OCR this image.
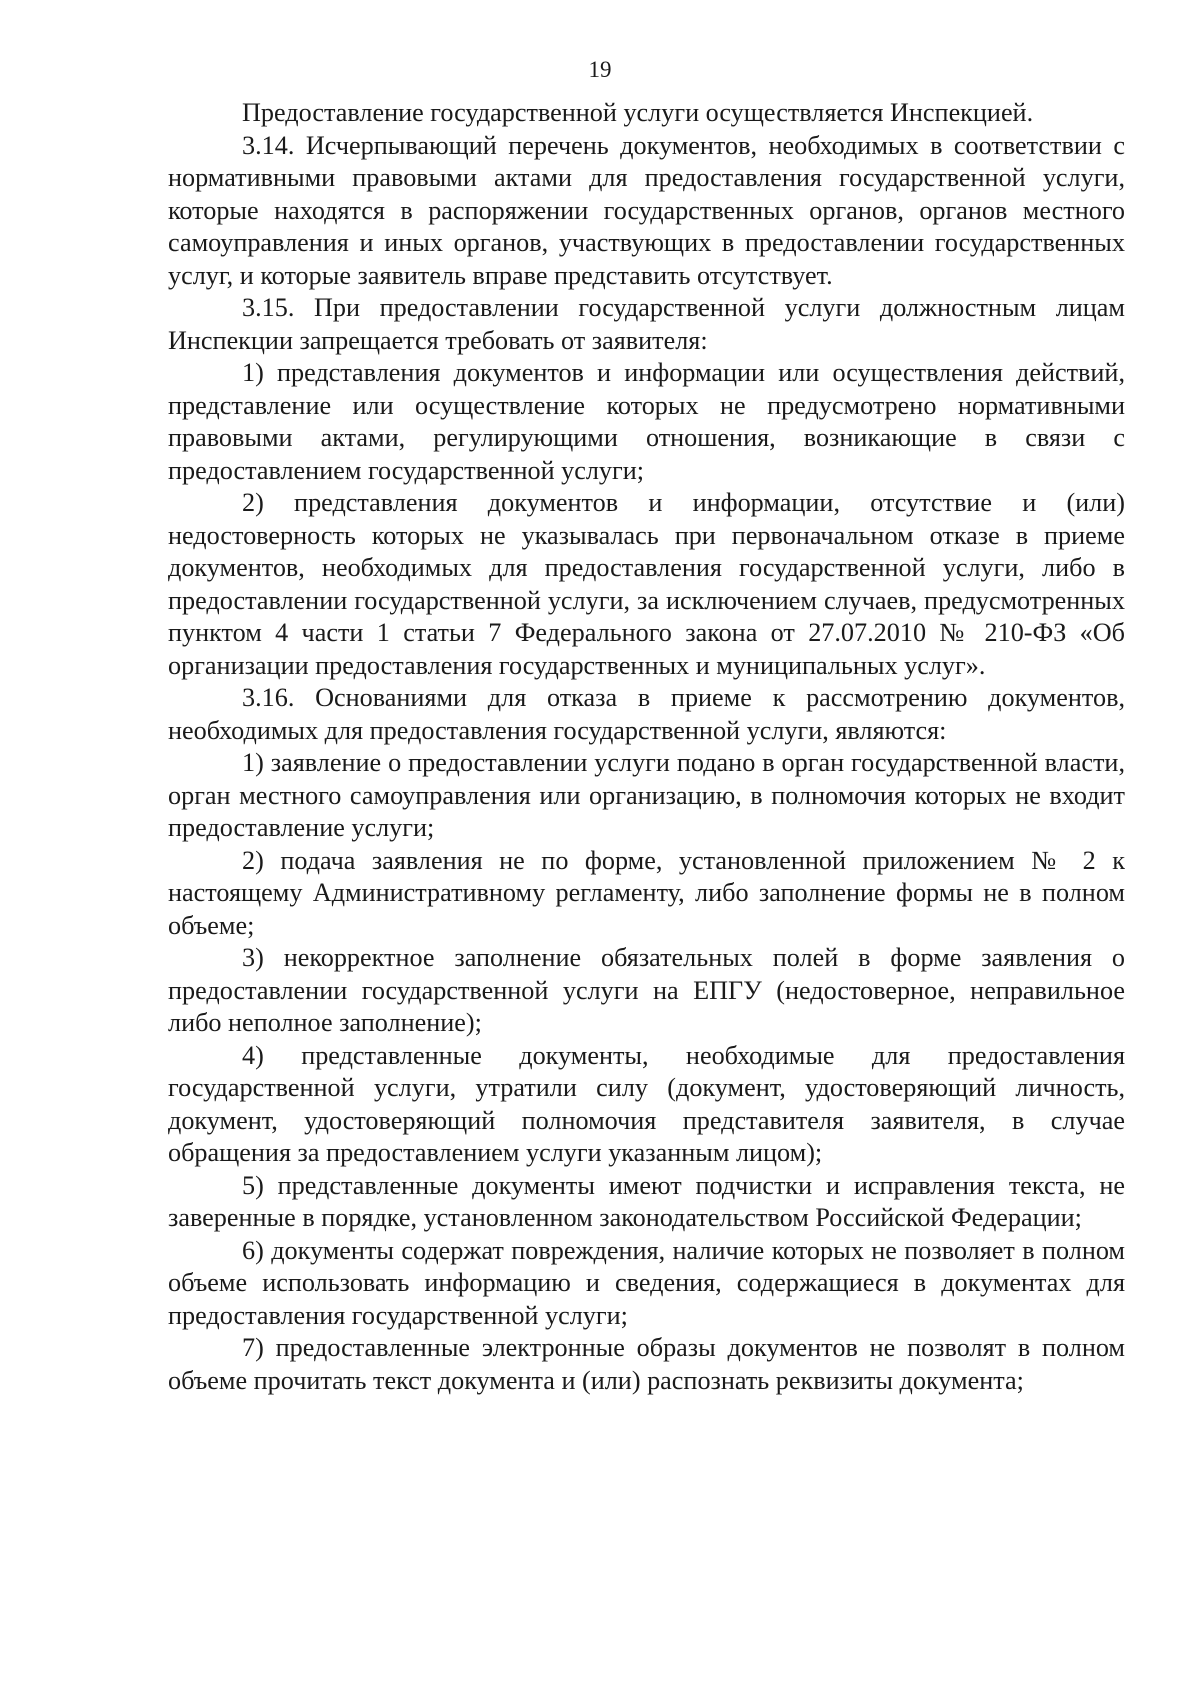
19

Предоставление государственной услуги осуществляется Инспекцией.

3.14. Исчерпывающий перечень документов, необходимых в соответствии с нормативными правовыми актами для предоставления государственной услуги, которые находятся в распоряжении государственных органов, органов местного самоуправления и иных органов, участвующих в предоставлении государственных услуг, и которые заявитель вправе представить отсутствует.

3.15. При предоставлении государственной услуги должностным лицам Инспекции запрещается требовать от заявителя:

1) представления документов и информации или осуществления действий, представление или осуществление которых не предусмотрено нормативными правовыми актами, регулирующими отношения, возникающие в связи с предоставлением государственной услуги;

2) представления документов и информации, отсутствие и (или) недостоверность которых не указывалась при первоначальном отказе в приеме документов, необходимых для предоставления государственной услуги, либо в предоставлении государственной услуги, за исключением случаев, предусмотренных пунктом 4 части 1 статьи 7 Федерального закона от 27.07.2010 № 210-ФЗ «Об организации предоставления государственных и муниципальных услуг».

3.16. Основаниями для отказа в приеме к рассмотрению документов, необходимых для предоставления государственной услуги, являются:

1) заявление о предоставлении услуги подано в орган государственной власти, орган местного самоуправления или организацию, в полномочия которых не входит предоставление услуги;

2) подача заявления не по форме, установленной приложением № 2 к настоящему Административному регламенту, либо заполнение формы не в полном объеме;

3) некорректное заполнение обязательных полей в форме заявления о предоставлении государственной услуги на ЕПГУ (недостоверное, неправильное либо неполное заполнение);

4) представленные документы, необходимые для предоставления государственной услуги, утратили силу (документ, удостоверяющий личность, документ, удостоверяющий полномочия представителя заявителя, в случае обращения за предоставлением услуги указанным лицом);

5) представленные документы имеют подчистки и исправления текста, не заверенные в порядке, установленном законодательством Российской Федерации;

6) документы содержат повреждения, наличие которых не позволяет в полном объеме использовать информацию и сведения, содержащиеся в документах для предоставления государственной услуги;

7) предоставленные электронные образы документов не позволят в полном объеме прочитать текст документа и (или) распознать реквизиты документа;
